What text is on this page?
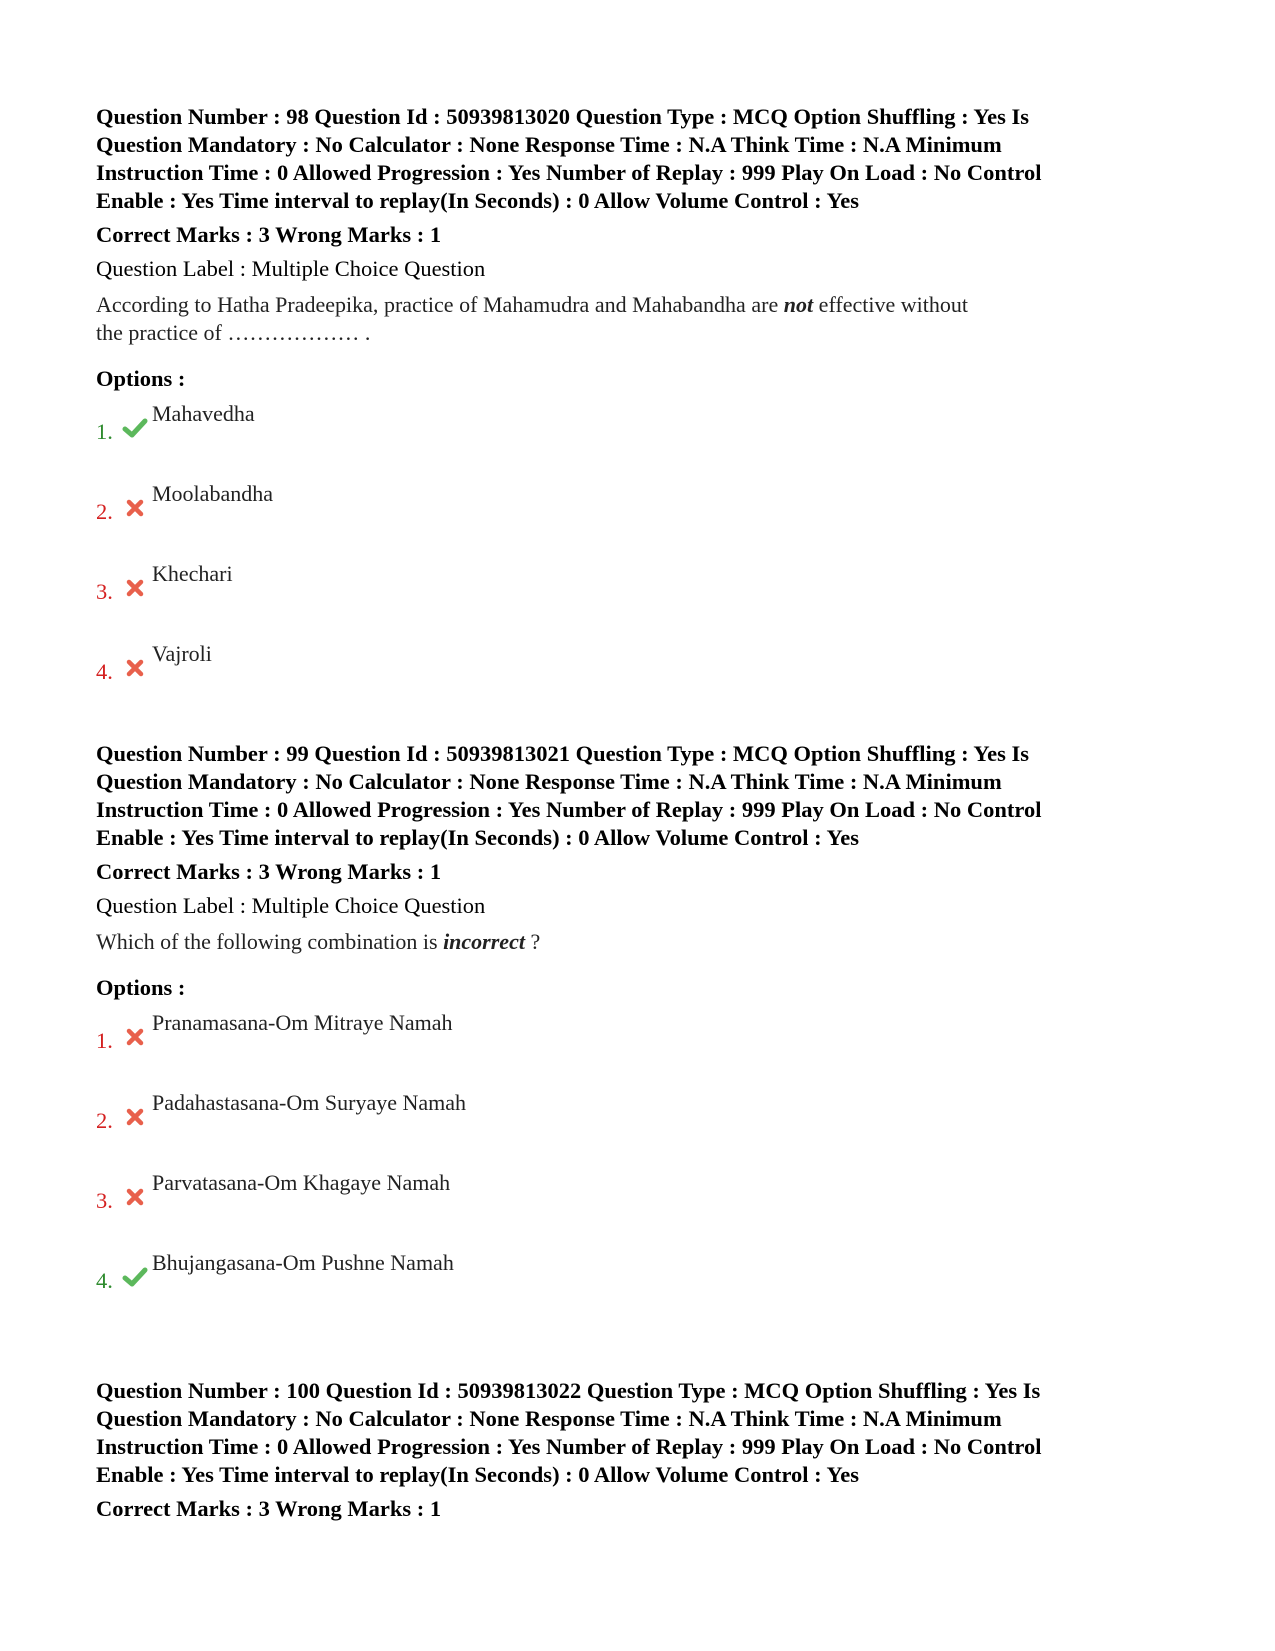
Question Number : 98 Question Id : 50939813020 Question Type : MCQ Option Shuffling : Yes Is

Question Mandatory : No Calculator : None Response Time : N.A Think Time : N.A Minimum

Instruction Time : 0 Allowed Progression : Yes Number of Replay : 999 Play On Load : No Control

Enable : Yes Time interval to replay(In Seconds) : 0 Allow Volume Control : Yes

Correct Marks : 3 Wrong Marks : 1
Question Label : Multiple Choice Question
According to Hatha Pradeepika, practice of Mahamudra and Mahabandha are not effective without the practice of ……………… .
Options :
1.
Mahavedha
2.
Moolabandha
3.
Khechari
4.
Vajroli

Question Number : 99 Question Id : 50939813021 Question Type : MCQ Option Shuffling : Yes Is

Question Mandatory : No Calculator : None Response Time : N.A Think Time : N.A Minimum

Instruction Time : 0 Allowed Progression : Yes Number of Replay : 999 Play On Load : No Control

Enable : Yes Time interval to replay(In Seconds) : 0 Allow Volume Control : Yes

Correct Marks : 3 Wrong Marks : 1
Question Label : Multiple Choice Question
Which of the following combination is incorrect ?
Options :
1.
Pranamasana-Om Mitraye Namah
2.
Padahastasana-Om Suryaye Namah
3.
Parvatasana-Om Khagaye Namah
4.
Bhujangasana-Om Pushne Namah

Question Number : 100 Question Id : 50939813022 Question Type : MCQ Option Shuffling : Yes Is

Question Mandatory : No Calculator : None Response Time : N.A Think Time : N.A Minimum

Instruction Time : 0 Allowed Progression : Yes Number of Replay : 999 Play On Load : No Control

Enable : Yes Time interval to replay(In Seconds) : 0 Allow Volume Control : Yes

Correct Marks : 3 Wrong Marks : 1
